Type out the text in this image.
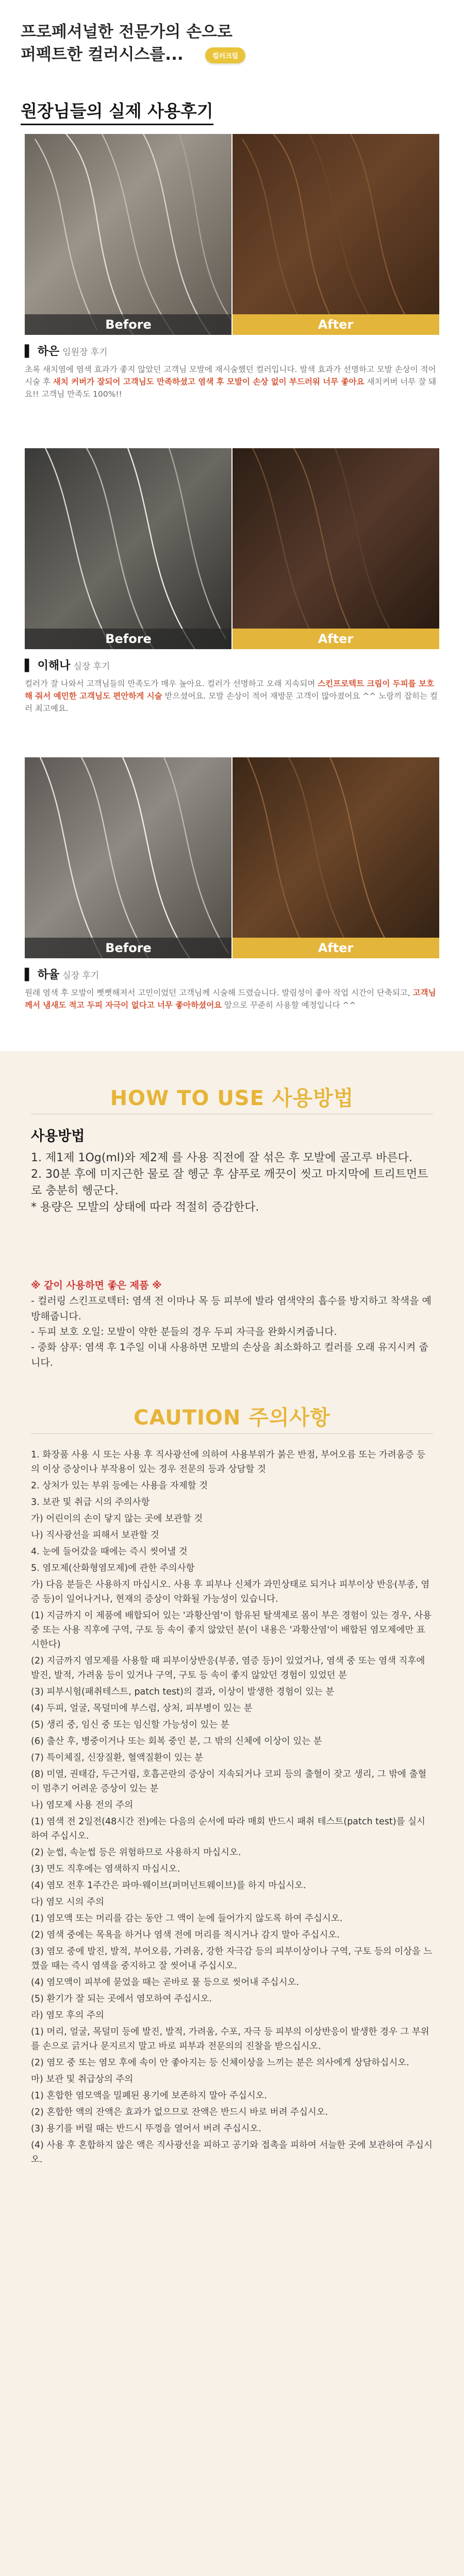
프로페셔널한 전문가의 손으로
퍼펙트한 컬러시스를...	컬러크림
원장님들의 실제 사용후기
Before	After
▌ 하은 임원장 후기
초록 새치염에 염색 효과가 좋지 않았던 고객님 모발에 재시술했던 컬러입니다. 발색 효과가 선명하고 모발 손상이 적어 시술 후 새치 커버가 잘되어 고객님도 만족하셨고 염색 후 모발이 손상 없이 부드러워 너무 좋아요 새치커버 너무 잘 돼요!! 고객님 만족도 100%!!
Before	After
▌ 이해나 실장 후기
컬러가 잘 나와서 고객님들의 만족도가 매우 높아요. 컬러가 선명하고 오래 지속되며 스킨프로텍트 크림이 두피를 보호해 줘서 예민한 고객님도 편안하게 시술 받으셨어요. 모발 손상이 적어 재방문 고객이 많아졌어요 ^^ 노랑끼 잡히는 컬러 최고예요.
Before	After
▌ 하율 실장 후기
원래 염색 후 모발이 뻣뻣해져서 고민이었던 고객님께 시술해 드렸습니다. 발림성이 좋아 작업 시간이 단축되고, 고객님께서 냄새도 적고 두피 자극이 없다고 너무 좋아하셨어요 앞으로 꾸준히 사용할 예정입니다 ^^
HOW TO USE 사용방법
사용방법

1. 제1제 1Og(ml)와 제2제 를 사용 직전에 잘 섞은 후 모발에 골고루 바른다.

2. 30분 후에 미지근한 물로 잘 헹군 후 샴푸로 깨끗이 씻고 마지막에 트리트먼트로 충분히 헹군다.

* 용량은 모발의 상태에 따라 적절히 증감한다.

※ 같이 사용하면 좋은 제품 ※

- 컬러링 스킨프로텍터: 염색 전 이마나 목 등 피부에 발라 염색약의 흡수를 방지하고 착색을 예방해줍니다.

- 두피 보호 오일: 모발이 약한 분들의 경우 두피 자극을 완화시켜줍니다.

- 중화 샴푸: 염색 후 1주일 이내 사용하면 모발의 손상을 최소화하고 컬러를 오래 유지시켜 줍니다.

CAUTION 주의사항

1. 화장품 사용 시 또는 사용 후 직사광선에 의하여 사용부위가 붉은 반점, 부어오름 또는 가려움증 등의 이상 증상이나 부작용이 있는 경우 전문의 등과 상담할 것

2. 상처가 있는 부위 등에는 사용을 자제할 것

3. 보관 및 취급 시의 주의사항

가) 어린이의 손이 닿지 않는 곳에 보관할 것

나) 직사광선을 피해서 보관할 것

4. 눈에 들어갔을 때에는 즉시 씻어낼 것

5. 염모제(산화형염모제)에 관한 주의사항

가) 다음 분들은 사용하지 마십시오. 사용 후 피부나 신체가 과민상태로 되거나 피부이상 반응(부종, 염증 등)이 일어나거나, 현재의 증상이 악화될 가능성이 있습니다.

(1) 지금까지 이 제품에 배합되어 있는 '과황산염'이 함유된 탈색제로 몸이 부은 경험이 있는 경우, 사용 중 또는 사용 직후에 구역, 구토 등 속이 좋지 않았던 분(이 내용은 '과황산염'이 배합된 염모제에만 표시한다)

(2) 지금까지 염모제를 사용할 때 피부이상반응(부종, 염증 등)이 있었거나, 염색 중 또는 염색 직후에 발진, 발적, 가려움 등이 있거나 구역, 구토 등 속이 좋지 않았던 경험이 있었던 분

(3) 피부시험(패취테스트, patch test)의 결과, 이상이 발생한 경험이 있는 분

(4) 두피, 얼굴, 목덜미에 부스럼, 상처, 피부병이 있는 분

(5) 생리 중, 임신 중 또는 임신할 가능성이 있는 분

(6) 출산 후, 병중이거나 또는 회복 중인 분, 그 밖의 신체에 이상이 있는 분

(7) 특이체질, 신장질환, 혈액질환이 있는 분

(8) 미열, 권태감, 두근거림, 호흡곤란의 증상이 지속되거나 코피 등의 출혈이 잦고 생리, 그 밖에 출혈이 멈추기 어려운 증상이 있는 분

나) 염모제 사용 전의 주의

(1) 염색 전 2일전(48시간 전)에는 다음의 순서에 따라 매회 반드시 패취 테스트(patch test)를 실시하여 주십시오.

(2) 눈썹, 속눈썹 등은 위험하므로 사용하지 마십시오.

(3) 면도 직후에는 염색하지 마십시오.

(4) 염모 전후 1주간은 파마·웨이브(퍼머넌트웨이브)를 하지 마십시오.

다) 염모 시의 주의

(1) 염모액 또는 머리를 감는 동안 그 액이 눈에 들어가지 않도록 하여 주십시오.

(2) 염색 중에는 목욕을 하거나 염색 전에 머리를 적시거나 감지 말아 주십시오.

(3) 염모 중에 발진, 발적, 부어오름, 가려움, 강한 자극감 등의 피부이상이나 구역, 구토 등의 이상을 느꼈을 때는 즉시 염색을 중지하고 잘 씻어내 주십시오.

(4) 염모액이 피부에 묻었을 때는 곧바로 물 등으로 씻어내 주십시오.

(5) 환기가 잘 되는 곳에서 염모하여 주십시오.

라) 염모 후의 주의

(1) 머리, 얼굴, 목덜미 등에 발진, 발적, 가려움, 수포, 자극 등 피부의 이상반응이 발생한 경우 그 부위를 손으로 긁거나 문지르지 말고 바로 피부과 전문의의 진찰을 받으십시오.

(2) 염모 중 또는 염모 후에 속이 안 좋아지는 등 신체이상을 느끼는 분은 의사에게 상담하십시오.

마) 보관 및 취급상의 주의

(1) 혼합한 염모액을 밀폐된 용기에 보존하지 말아 주십시오.

(2) 혼합한 액의 잔액은 효과가 없으므로 잔액은 반드시 바로 버려 주십시오.

(3) 용기를 버릴 때는 반드시 뚜껑을 열어서 버려 주십시오.

(4) 사용 후 혼합하지 않은 액은 직사광선을 피하고 공기와 접촉을 피하여 서늘한 곳에 보관하여 주십시오.
